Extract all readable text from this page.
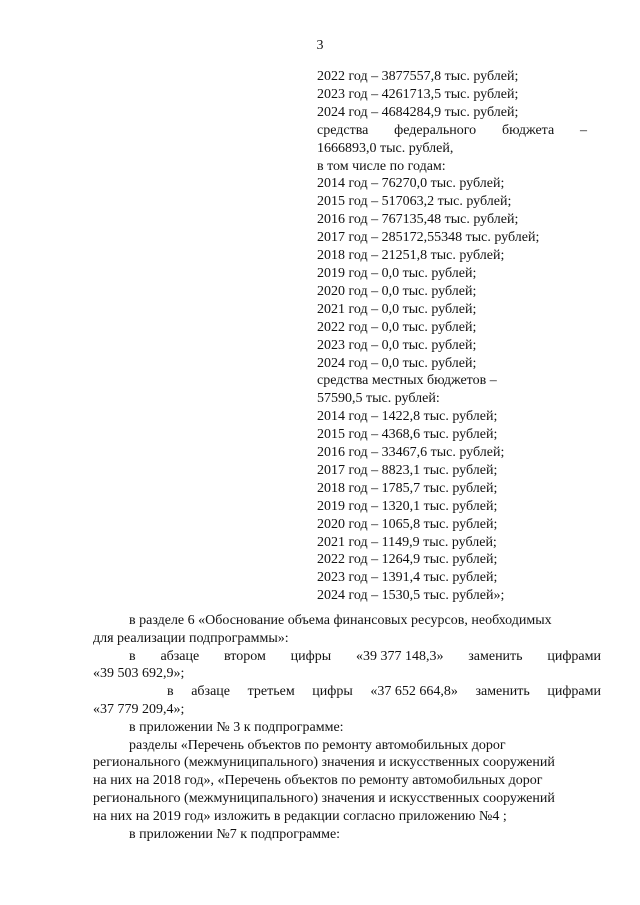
3
2022 год – 3877557,8 тыс. рублей;
2023 год – 4261713,5 тыс. рублей;
2024 год – 4684284,9 тыс. рублей;
средства федерального бюджета –
1666893,0 тыс. рублей,
в том числе по годам:
2014 год – 76270,0 тыс. рублей;
2015 год – 517063,2 тыс. рублей;
2016 год – 767135,48 тыс. рублей;
2017 год – 285172,55348 тыс. рублей;
2018 год – 21251,8 тыс. рублей;
2019 год – 0,0 тыс. рублей;
2020 год – 0,0 тыс. рублей;
2021 год – 0,0 тыс. рублей;
2022 год – 0,0 тыс. рублей;
2023 год – 0,0 тыс. рублей;
2024 год – 0,0 тыс. рублей;
средства местных бюджетов –
57590,5 тыс. рублей:
2014 год – 1422,8 тыс. рублей;
2015 год – 4368,6 тыс. рублей;
2016 год – 33467,6 тыс. рублей;
2017 год – 8823,1 тыс. рублей;
2018 год – 1785,7 тыс. рублей;
2019 год – 1320,1 тыс. рублей;
2020 год – 1065,8 тыс. рублей;
2021 год – 1149,9 тыс. рублей;
2022 год – 1264,9 тыс. рублей;
2023 год – 1391,4 тыс. рублей;
2024 год – 1530,5 тыс. рублей»;
в разделе 6 «Обоснование объема финансовых ресурсов, необходимых
для реализации подпрограммы»:
в абзаце втором цифры «39 377 148,3» заменить цифрами
«39 503 692,9»;
в абзаце третьем цифры «37 652 664,8» заменить цифрами
«37 779 209,4»;
в приложении № 3 к подпрограмме:
разделы «Перечень объектов по ремонту автомобильных дорог
регионального (межмуниципального) значения и искусственных сооружений
на них на 2018 год», «Перечень объектов по ремонту автомобильных дорог
регионального (межмуниципального) значения и искусственных сооружений
на них на 2019 год» изложить в редакции согласно приложению №4 ;
в приложении №7 к подпрограмме:
